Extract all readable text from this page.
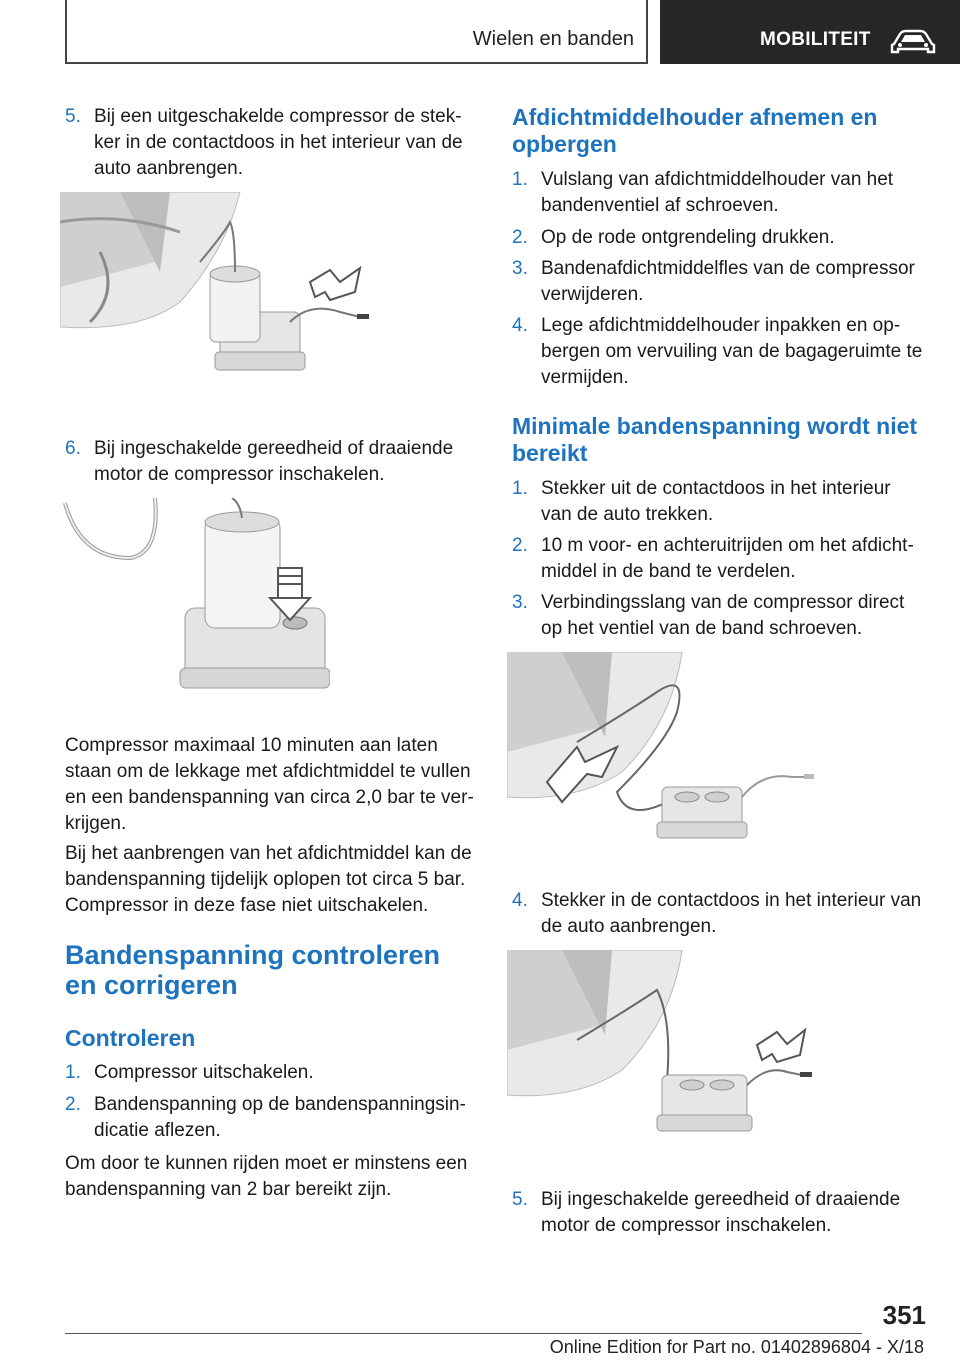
Wielen en banden	MOBILITEIT
5. Bij een uitgeschakelde compressor de stekker in de contactdoos in het interieur van de auto aanbrengen.
6. Bij ingeschakelde gereedheid of draaiende motor de compressor inschakelen.
Compressor maximaal 10 minuten aan laten staan om de lekkage met afdichtmiddel te vullen en een bandenspanning van circa 2,0 bar te verkrijgen.
Bij het aanbrengen van het afdichtmiddel kan de bandenspanning tijdelijk oplopen tot circa 5 bar. Compressor in deze fase niet uitschakelen.
Bandenspanning controleren en corrigeren
Controleren
1. Compressor uitschakelen.
2. Bandenspanning op de bandenspanningsindicatie aflezen.
Om door te kunnen rijden moet er minstens een bandenspanning van 2 bar bereikt zijn.
Afdichtmiddelhouder afnemen en opbergen
1. Vulslang van afdichtmiddelhouder van het bandenventiel af schroeven.
2. Op de rode ontgrendeling drukken.
3. Bandenafdichtmiddelfles van de compressor verwijderen.
4. Lege afdichtmiddelhouder inpakken en opbergen om vervuiling van de bagageruimte te vermijden.
Minimale bandenspanning wordt niet bereikt
1. Stekker uit de contactdoos in het interieur van de auto trekken.
2. 10 m voor- en achteruitrijden om het afdichtmiddel in de band te verdelen.
3. Verbindingsslang van de compressor direct op het ventiel van de band schroeven.
4. Stekker in de contactdoos in het interieur van de auto aanbrengen.
5. Bij ingeschakelde gereedheid of draaiende motor de compressor inschakelen.
351
Online Edition for Part no. 01402896804 - X/18
